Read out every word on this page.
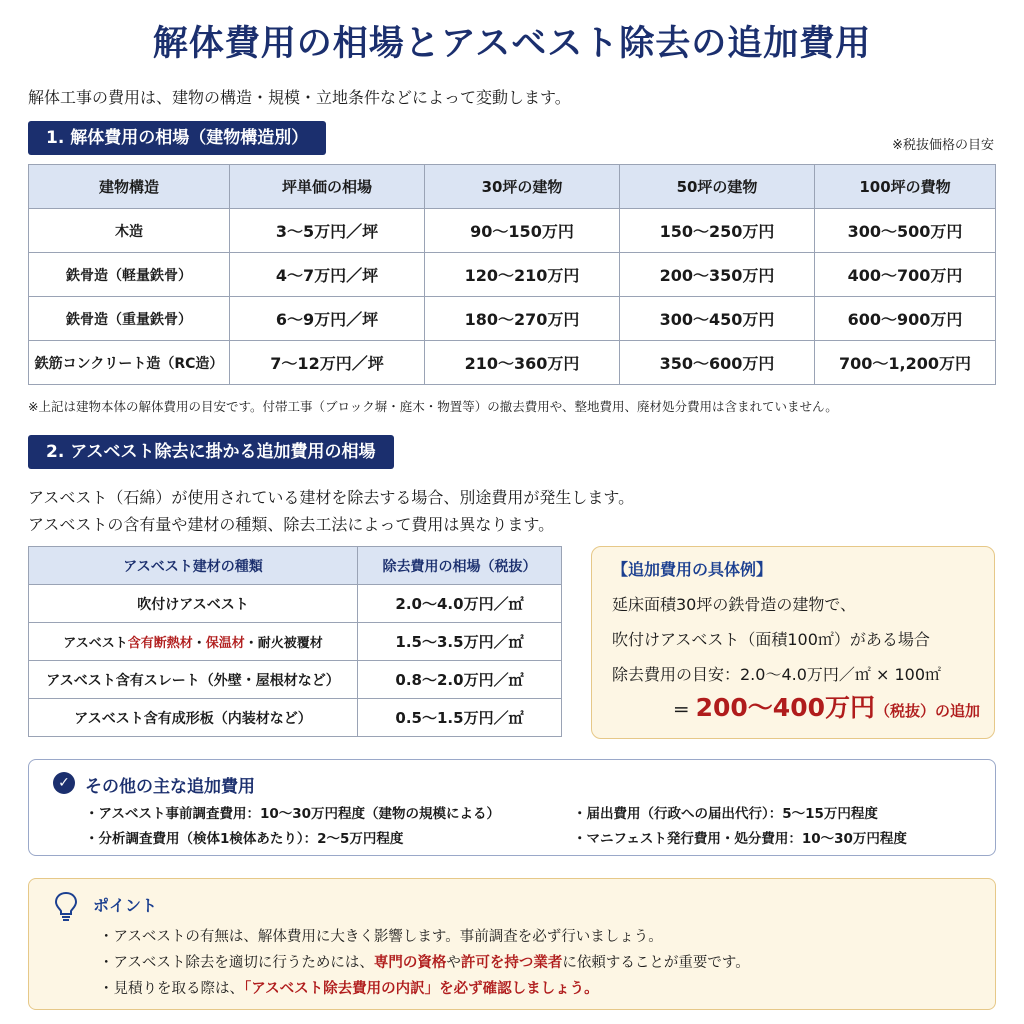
解体費用の相場とアスベスト除去の追加費用
解体工事の費用は、建物の構造・規模・立地条件などによって変動します。
1. 解体費用の相場（建物構造別）	※税抜価格の目安
建物構造	坪単価の相場	30坪の建物	50坪の建物	100坪の費物
木造	3〜5万円／坪	90〜150万円	150〜250万円	300〜500万円
鉄骨造（軽量鉄骨）	4〜7万円／坪	120〜210万円	200〜350万円	400〜700万円
鉄骨造（重量鉄骨）	6〜9万円／坪	180〜270万円	300〜450万円	600〜900万円
鉄筋コンクリート造（RC造）	7〜12万円／坪	210〜360万円	350〜600万円	700〜1,200万円
※上記は建物本体の解体費用の目安です。付帯工事（ブロック塀・庭木・物置等）の撤去費用や、整地費用、廃材処分費用は含まれていません。
2. アスベスト除去に掛かる追加費用の相場
アスベスト（石綿）が使用されている建材を除去する場合、別途費用が発生します。
アスベストの含有量や建材の種類、除去工法によって費用は異なります。
アスベスト建材の種類	除去費用の相場（税抜）
吹付けアスベスト	2.0〜4.0万円／㎡
アスベスト含有断熱材・保温材・耐火被覆材	1.5〜3.5万円／㎡
アスベスト含有スレート（外壁・屋根材など）	0.8〜2.0万円／㎡
アスベスト含有成形板（内装材など）	0.5〜1.5万円／㎡
【追加費用の具体例】
延床面積30坪の鉄骨造の建物で、
吹付けアスベスト（面積100㎡）がある場合
除去費用の目安：2.0〜4.0万円／㎡ × 100㎡
＝ 200〜400万円（税抜）の追加
✓ その他の主な追加費用
・アスベスト事前調査費用：10〜30万円程度（建物の規模による）
・分析調査費用（検体1検体あたり）：2〜5万円程度
・届出費用（行政への届出代行）：5〜15万円程度
・マニフェスト発行費用・処分費用：10〜30万円程度
ポイント
・アスベストの有無は、解体費用に大きく影響します。事前調査を必ず行いましょう。
・アスベスト除去を適切に行うためには、専門の資格や許可を持つ業者に依頼することが重要です。
・見積りを取る際は、「アスベスト除去費用の内訳」を必ず確認しましょう。
